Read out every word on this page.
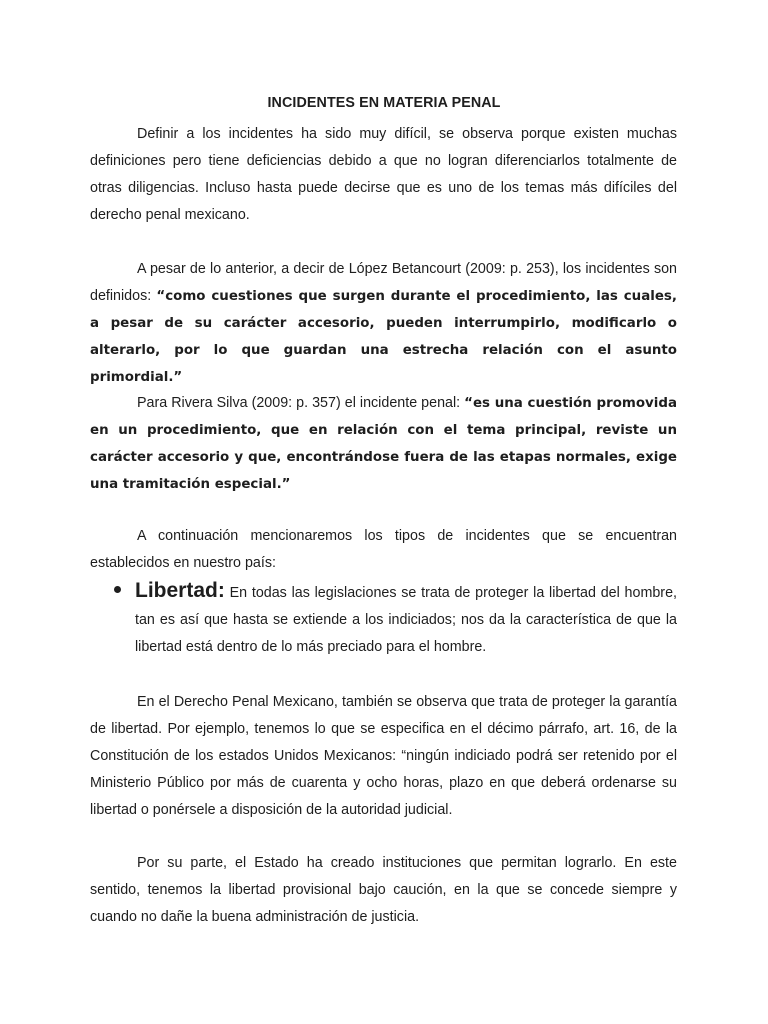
INCIDENTES EN MATERIA PENAL

Definir a los incidentes ha sido muy difícil, se observa porque existen muchas definiciones pero tiene deficiencias debido a que no logran diferenciarlos totalmente de otras diligencias. Incluso hasta puede decirse que es uno de los temas más difíciles del derecho penal mexicano.

A pesar de lo anterior, a decir de López Betancourt (2009: p. 253), los incidentes son definidos: “como cuestiones que surgen durante el procedimiento, las cuales, a pesar de su carácter accesorio, pueden interrumpirlo, modificarlo o alterarlo, por lo que guardan una estrecha relación con el asunto primordial.”

Para Rivera Silva (2009: p. 357) el incidente penal: “es una cuestión promovida en un procedimiento, que en relación con el tema principal, reviste un carácter accesorio y que, encontrándose fuera de las etapas normales, exige una tramitación especial.”

A continuación mencionaremos los tipos de incidentes que se encuentran establecidos en nuestro país:

Libertad: En todas las legislaciones se trata de proteger la libertad del hombre, tan es así que hasta se extiende a los indiciados; nos da la característica de que la libertad está dentro de lo más preciado para el hombre.

En el Derecho Penal Mexicano, también se observa que trata de proteger la garantía de libertad. Por ejemplo, tenemos lo que se especifica en el décimo párrafo, art. 16, de la Constitución de los estados Unidos Mexicanos: “ningún indiciado podrá ser retenido por el Ministerio Público por más de cuarenta y ocho horas, plazo en que deberá ordenarse su libertad o ponérsele a disposición de la autoridad judicial.

Por su parte, el Estado ha creado instituciones que permitan lograrlo. En este sentido, tenemos la libertad provisional bajo caución, en la que se concede siempre y cuando no dañe la buena administración de justicia.
